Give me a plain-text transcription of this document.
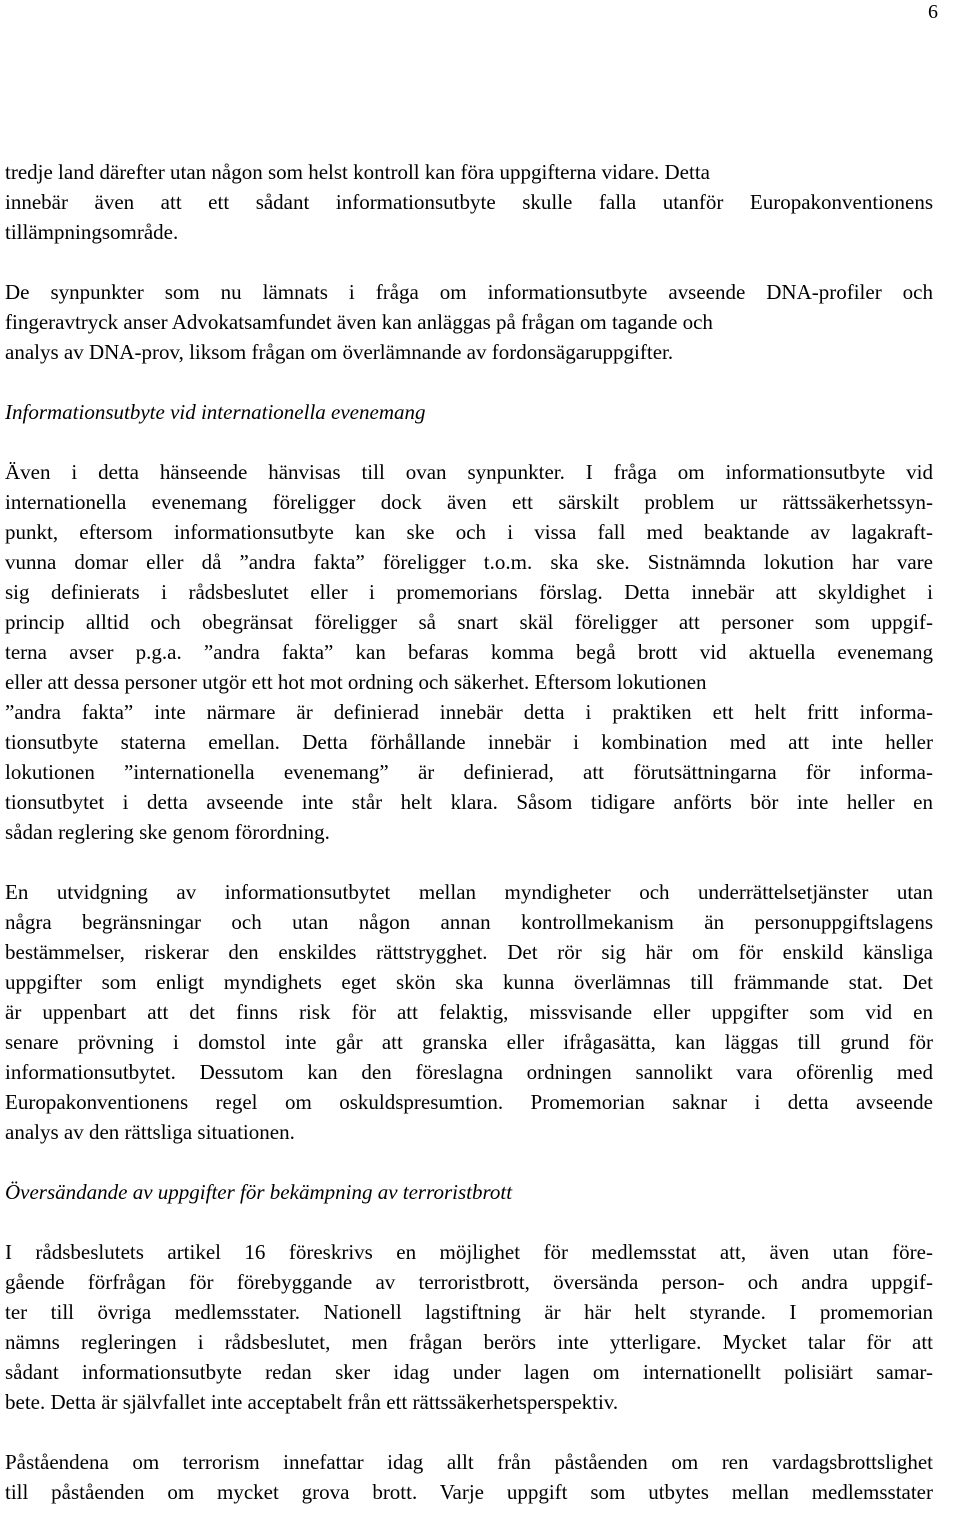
6
tredje land därefter utan någon som helst kontroll kan föra uppgifterna vidare. Detta
innebär även att ett sådant informationsutbyte skulle falla utanför Europakonventionens
tillämpningsområde.
De synpunkter som nu lämnats i fråga om informationsutbyte avseende DNA-profiler och
fingeravtryck anser Advokatsamfundet även kan anläggas på frågan om tagande och
analys av DNA-prov, liksom frågan om överlämnande av fordonsägaruppgifter.
Informationsutbyte vid internationella evenemang
Även i detta hänseende hänvisas till ovan synpunkter. I fråga om informationsutbyte vid
internationella evenemang föreligger dock även ett särskilt problem ur rättssäkerhetssyn-
punkt, eftersom informationsutbyte kan ske och i vissa fall med beaktande av lagakraft-
vunna domar eller då ”andra fakta” föreligger t.o.m. ska ske. Sistnämnda lokution har vare
sig definierats i rådsbeslutet eller i promemorians förslag. Detta innebär att skyldighet i
princip alltid och obegränsat föreligger så snart skäl föreligger att personer som uppgif-
terna avser p.g.a. ”andra fakta” kan befaras komma begå brott vid aktuella evenemang
eller att dessa personer utgör ett hot mot ordning och säkerhet. Eftersom lokutionen
”andra fakta” inte närmare är definierad innebär detta i praktiken ett helt fritt informa-
tionsutbyte staterna emellan. Detta förhållande innebär i kombination med att inte heller
lokutionen ”internationella evenemang” är definierad, att förutsättningarna för informa-
tionsutbytet i detta avseende inte står helt klara. Såsom tidigare anförts bör inte heller en
sådan reglering ske genom förordning.
En utvidgning av informationsutbytet mellan myndigheter och underrättelsetjänster utan
några begränsningar och utan någon annan kontrollmekanism än personuppgiftslagens
bestämmelser, riskerar den enskildes rättstrygghet. Det rör sig här om för enskild känsliga
uppgifter som enligt myndighets eget skön ska kunna överlämnas till främmande stat. Det
är uppenbart att det finns risk för att felaktig, missvisande eller uppgifter som vid en
senare prövning i domstol inte går att granska eller ifrågasätta, kan läggas till grund för
informationsutbytet. Dessutom kan den föreslagna ordningen sannolikt vara oförenlig med
Europakonventionens regel om oskuldspresumtion. Promemorian saknar i detta avseende
analys av den rättsliga situationen.
Översändande av uppgifter för bekämpning av terroristbrott
I rådsbeslutets artikel 16 föreskrivs en möjlighet för medlemsstat att, även utan före-
gående förfrågan för förebyggande av terroristbrott, översända person- och andra uppgif-
ter till övriga medlemsstater. Nationell lagstiftning är här helt styrande. I promemorian
nämns regleringen i rådsbeslutet, men frågan berörs inte ytterligare. Mycket talar för att
sådant informationsutbyte redan sker idag under lagen om internationellt polisiärt samar-
bete. Detta är självfallet inte acceptabelt från ett rättssäkerhetsperspektiv.
Påståendena om terrorism innefattar idag allt från påståenden om ren vardagsbrottslighet
till påståenden om mycket grova brott. Varje uppgift som utbytes mellan medlemsstater
